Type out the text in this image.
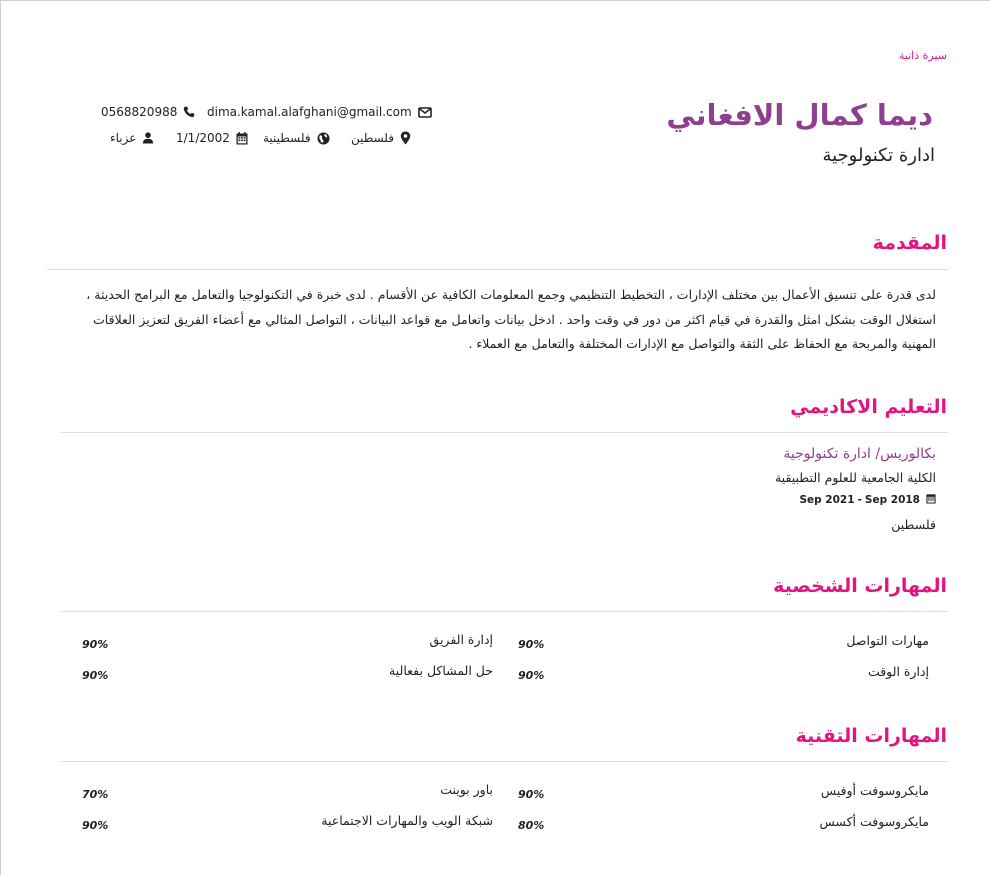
سيرة ذاتية
ديما كمال الافغاني
ادارة تكنولوجية
dima.kamal.alafghani@gmail.com
0568820988
فلسطين
فلسطينية
1/1/2002
عزباء
المقدمة
لدى قدرة على تنسيق الأعمال بين مختلف الإدارات ، التخطيط التنظيمي وجمع المعلومات الكافية عن الأقسام . لدى خبرة في التكنولوجيا والتعامل مع البرامج الحديثة ، استغلال الوقت بشكل امثل والقدرة في قيام اكثر من دور في وقت واحد . ادخل بيانات واتعامل مع قواعد البيانات ، التواصل المثالي مع أعضاء الفريق لتعزيز العلاقات المهنية والمربحة مع الحفاظ على الثقة والتواصل مع الإدارات المختلفة والتعامل مع العملاء .
التعليم الاكاديمي
بكالوريس/ ادارة تكنولوجية
الكلية الجامعية للعلوم التطبيقية
Sep 2021 - Sep 2018
فلسطين
المهارات الشخصية
مهارات التواصل
90%
إدارة الفريق
90%
إدارة الوقت
90%
حل المشاكل بفعالية
90%
المهارات التقنية
مايكروسوفت أوفيس
90%
باور بوينت
70%
مايكروسوفت أكسس
80%
شبكة الويب والمهارات الاجتماعية
90%
